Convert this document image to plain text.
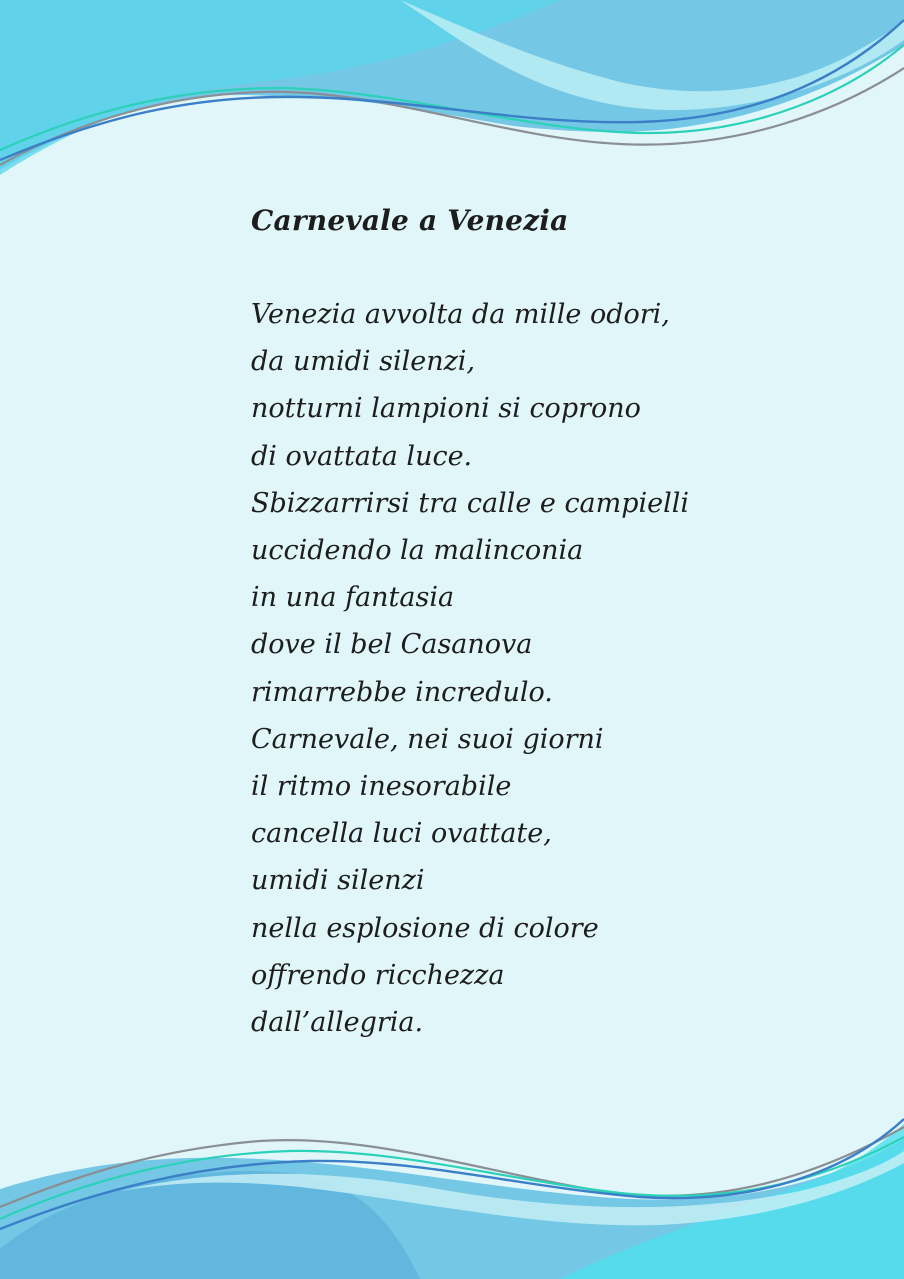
Carnevale a Venezia
Venezia avvolta da mille odori,
da umidi silenzi,
notturni lampioni si coprono
di ovattata luce.
Sbizzarrirsi tra calle e campielli
uccidendo la malinconia
in una fantasia
dove il bel Casanova
rimarrebbe incredulo.
Carnevale, nei suoi giorni
il ritmo inesorabile
cancella luci ovattate,
umidi silenzi
nella esplosione di colore
offrendo ricchezza
dall’allegria.
